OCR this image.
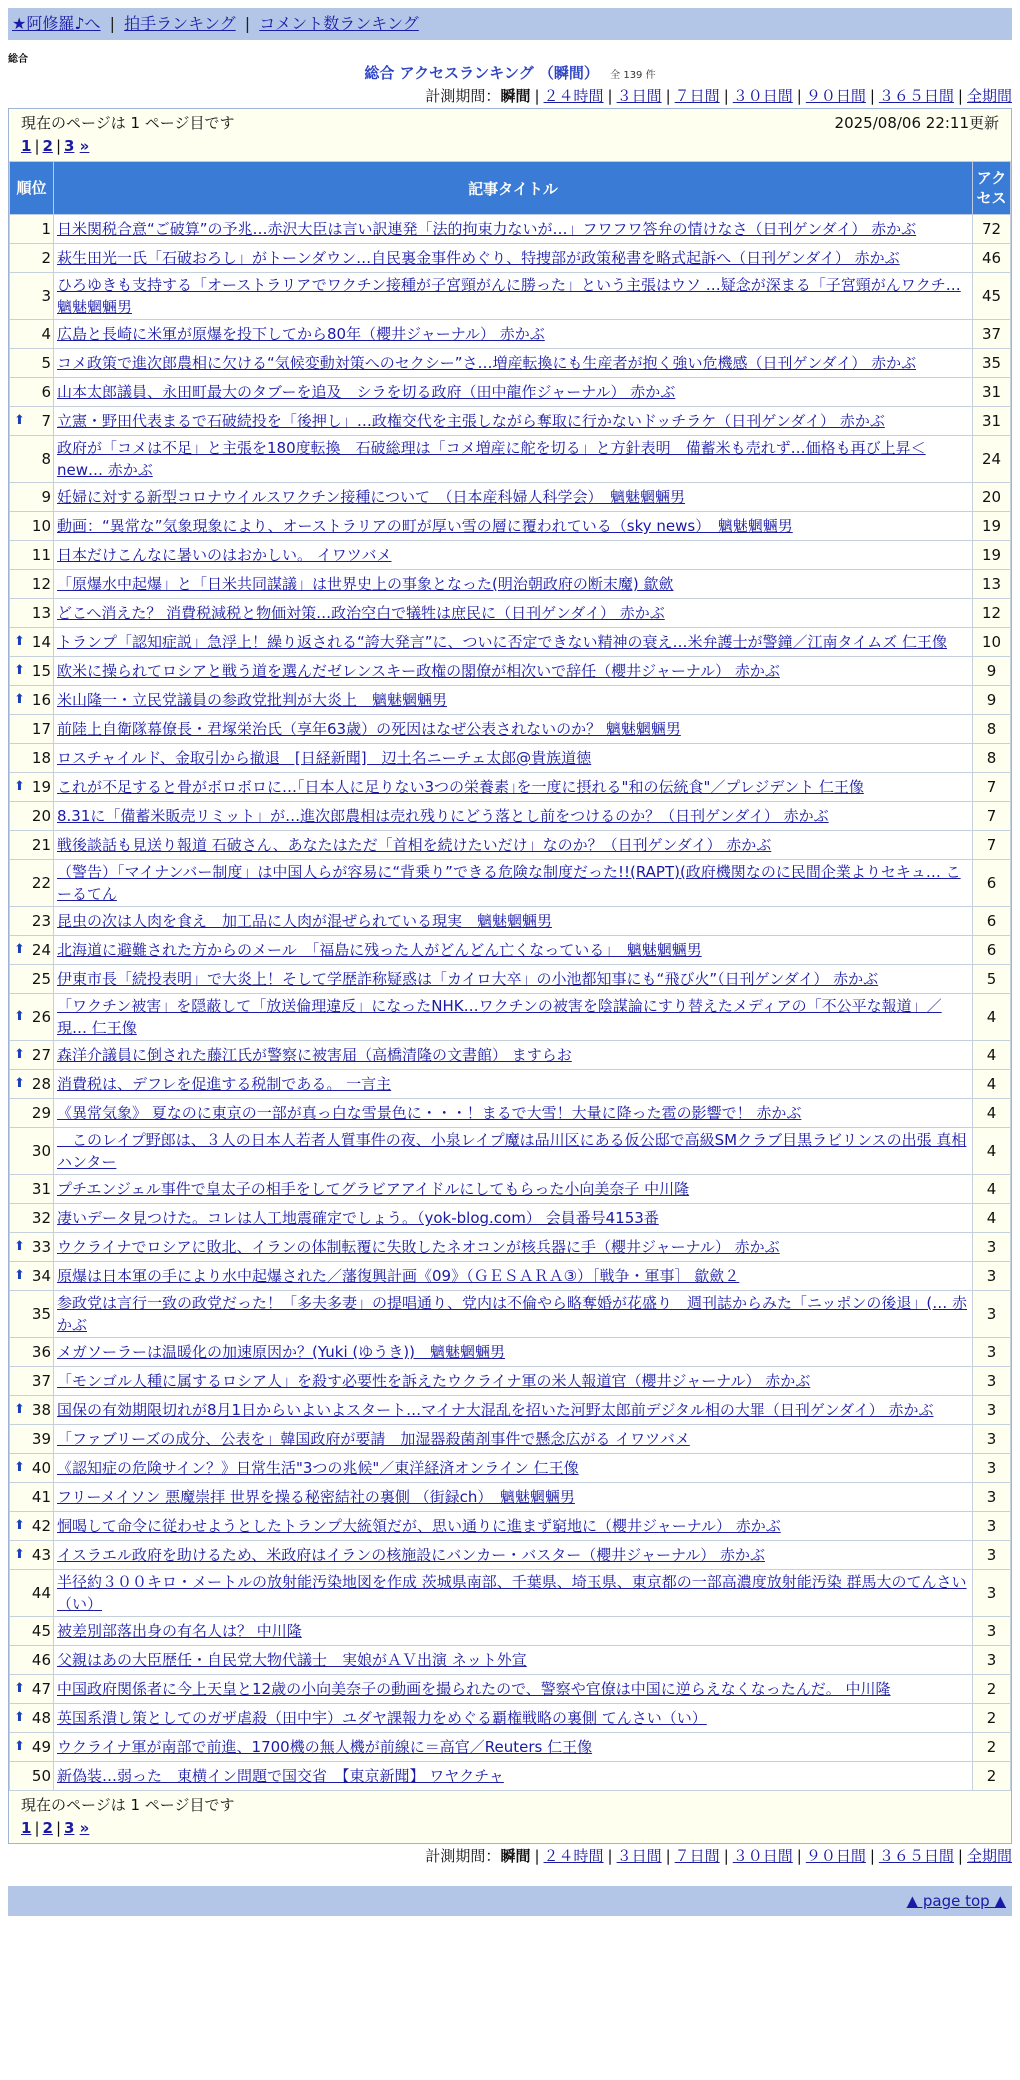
★阿修羅♪へ | 拍手ランキング | コメント数ランキング
総合
総合 アクセスランキング （瞬間） 全 139 件
計測期間：瞬間 | ２４時間 | ３日間 | ７日間 | ３０日間 | ９０日間 | ３６５日間 | 全期間
現在のページは 1 ページ目です	2025/08/06 22:11更新
1 | 2 | 3 »
順位	記事タイトル	アクセス
1	日米関税合意“ご破算”の予兆…赤沢大臣は言い訳連発「法的拘束力ないが…」フワフワ答弁の情けなさ（日刊ゲンダイ） 赤かぶ	72
2	萩生田光一氏「石破おろし」がトーンダウン…自民裏金事件めぐり、特捜部が政策秘書を略式起訴へ（日刊ゲンダイ） 赤かぶ	46
3	ひろゆきも支持する「オーストラリアでワクチン接種が子宮頸がんに勝った」という主張はウソ …疑念が深まる「子宮頸がんワクチ… 魑魅魍魎男	45
4	広島と長崎に米軍が原爆を投下してから80年（櫻井ジャーナル） 赤かぶ	37
5	コメ政策で進次郎農相に欠ける“気候変動対策へのセクシー”さ…増産転換にも生産者が抱く強い危機感（日刊ゲンダイ） 赤かぶ	35
6	山本太郎議員、永田町最大のタブーを追及　シラを切る政府（田中龍作ジャーナル） 赤かぶ	31

⬆ 7	立憲・野田代表まるで石破続投を「後押し」…政権交代を主張しながら奪取に行かないドッチラケ（日刊ゲンダイ） 赤かぶ	31
8	政府が「コメは不足」と主張を180度転換　石破総理は「コメ増産に舵を切る」と方針表明　備蓄米も売れず…価格も再び上昇＜new… 赤かぶ	24
9	妊婦に対する新型コロナウイルスワクチン接種について　（日本産科婦人科学会）　魑魅魍魎男	20
10	動画：“異常な”気象現象により、オーストラリアの町が厚い雪の層に覆われている（sky news）　魑魅魍魎男	19
11	日本だけこんなに暑いのはおかしい。 イワツバメ	19
12	「原爆水中起爆」と「日米共同謀議」は世界史上の事象となった(明治朝政府の断末魔) 歙歛	13
13	どこへ消えた？ 消費税減税と物価対策…政治空白で犠牲は庶民に（日刊ゲンダイ） 赤かぶ	12

⬆ 14	トランプ「認知症説」急浮上！繰り返される“誇大発言”に、ついに否定できない精神の衰え…米弁護士が警鐘／江南タイムズ 仁王像	10

⬆ 15	欧米に操られてロシアと戦う道を選んだゼレンスキー政権の閣僚が相次いで辞任（櫻井ジャーナル） 赤かぶ	9

⬆ 16	米山隆一・立民党議員の参政党批判が大炎上　魑魅魍魎男	9
17	前陸上自衛隊幕僚長・君塚栄治氏（享年63歳）の死因はなぜ公表されないのか？ 魑魅魍魎男	8
18	ロスチャイルド、金取引から撤退　[日経新聞]　辺土名ニーチェ太郎@貴族道徳	8

⬆ 19	これが不足すると骨がボロボロに…｢日本人に足りない3つの栄養素｣を一度に摂れる"和の伝統食"／プレジデント 仁王像	7
20	8.31に「備蓄米販売リミット」が…進次郎農相は売れ残りにどう落とし前をつけるのか？（日刊ゲンダイ） 赤かぶ	7
21	戦後談話も見送り報道 石破さん、あなたはただ「首相を続けたいだけ」なのか？（日刊ゲンダイ） 赤かぶ	7
22	（警告）「マイナンバー制度」は中国人らが容易に“背乗り”できる危険な制度だった!!(RAPT)(政府機関なのに民間企業よりセキュ… こーるてん	6
23	昆虫の次は人肉を食え　加工品に人肉が混ぜられている現実　魑魅魍魎男	6

⬆ 24	北海道に避難された方からのメール　「福島に残った人がどんどん亡くなっている」　魑魅魍魎男	6
25	伊東市長「続投表明」で大炎上！そして学歴詐称疑惑は「カイロ大卒」の小池都知事にも“飛び火”（日刊ゲンダイ） 赤かぶ	5

⬆ 26	「ワクチン被害」を隠蔽して「放送倫理違反」になったNHK…ワクチンの被害を陰謀論にすり替えたメディアの「不公平な報道」／現… 仁王像	4

⬆ 27	森洋介議員に倒された藤江氏が警察に被害届（高橋清隆の文書館） ますらお	4

⬆ 28	消費税は、デフレを促進する税制である。 一言主	4
29	《異常気象》 夏なのに東京の一部が真っ白な雪景色に・・・！まるで大雪！大量に降った雹の影響で！ 赤かぶ	4
30	　このレイプ野郎は、３人の日本人若者人質事件の夜、小泉レイプ魔は品川区にある仮公邸で高級SMクラブ目黒ラビリンスの出張 真相ハンター	4
31	プチエンジェル事件で皇太子の相手をしてグラビアアイドルにしてもらった小向美奈子 中川隆	4
32	凄いデータ見つけた。コレは人工地震確定でしょう。（yok-blog.com） 会員番号4153番	4

⬆ 33	ウクライナでロシアに敗北、イランの体制転覆に失敗したネオコンが核兵器に手（櫻井ジャーナル） 赤かぶ	3

⬆ 34	原爆は日本軍の手により水中起爆された／藩復興計画《09》（ＧＥＳＡＲＡ③）［戦争・軍事］ 歙歛２	3
35	参政党は言行一致の政党だった！「多夫多妻」の提唱通り、党内は不倫やら略奪婚が花盛り　週刊誌からみた「ニッポンの後退」(… 赤かぶ	3
36	メガソーラーは温暖化の加速原因か？(Yuki (ゆうき))　魑魅魍魎男	3
37	「モンゴル人種に属するロシア人」を殺す必要性を訴えたウクライナ軍の米人報道官（櫻井ジャーナル） 赤かぶ	3

⬆ 38	国保の有効期限切れが8月1日からいよいよスタート…マイナ大混乱を招いた河野太郎前デジタル相の大罪（日刊ゲンダイ） 赤かぶ	3
39	「ファブリーズの成分、公表を」韓国政府が要請　加湿器殺菌剤事件で懸念広がる イワツバメ	3

⬆ 40	《認知症の危険サイン？》日常生活"3つの兆候"／東洋経済オンライン 仁王像	3
41	フリーメイソン 悪魔崇拝 世界を操る秘密結社の裏側 （街録ch）　魑魅魍魎男	3

⬆ 42	恫喝して命令に従わせようとしたトランプ大統領だが、思い通りに進まず窮地に（櫻井ジャーナル） 赤かぶ	3

⬆ 43	イスラエル政府を助けるため、米政府はイランの核施設にバンカー・バスター（櫻井ジャーナル） 赤かぶ	3
44	半径約３００キロ・メートルの放射能汚染地図を作成 茨城県南部、千葉県、埼玉県、東京都の一部高濃度放射能汚染 群馬大のてんさい（い）	3
45	被差別部落出身の有名人は？ 中川隆	3
46	父親はあの大臣歴任・自民党大物代議士　実娘がＡＶ出演 ネット外宣	3

⬆ 47	中国政府関係者に今上天皇と12歳の小向美奈子の動画を撮られたので、警察や官僚は中国に逆らえなくなったんだ。 中川隆	2

⬆ 48	英国系潰し策としてのガザ虐殺（田中宇）ユダヤ課報力をめぐる覇権戦略の裏側 てんさい（い）	2

⬆ 49	ウクライナ軍が南部で前進、1700機の無人機が前線に＝高官／Reuters 仁王像	2
50	新偽装…弱った　東横イン問題で国交省　【東京新聞】 ワヤクチャ	2
現在のページは 1 ページ目です
1 | 2 | 3 »
計測期間：瞬間 | ２４時間 | ３日間 | ７日間 | ３０日間 | ９０日間 | ３６５日間 | 全期間
▲ page top ▲
